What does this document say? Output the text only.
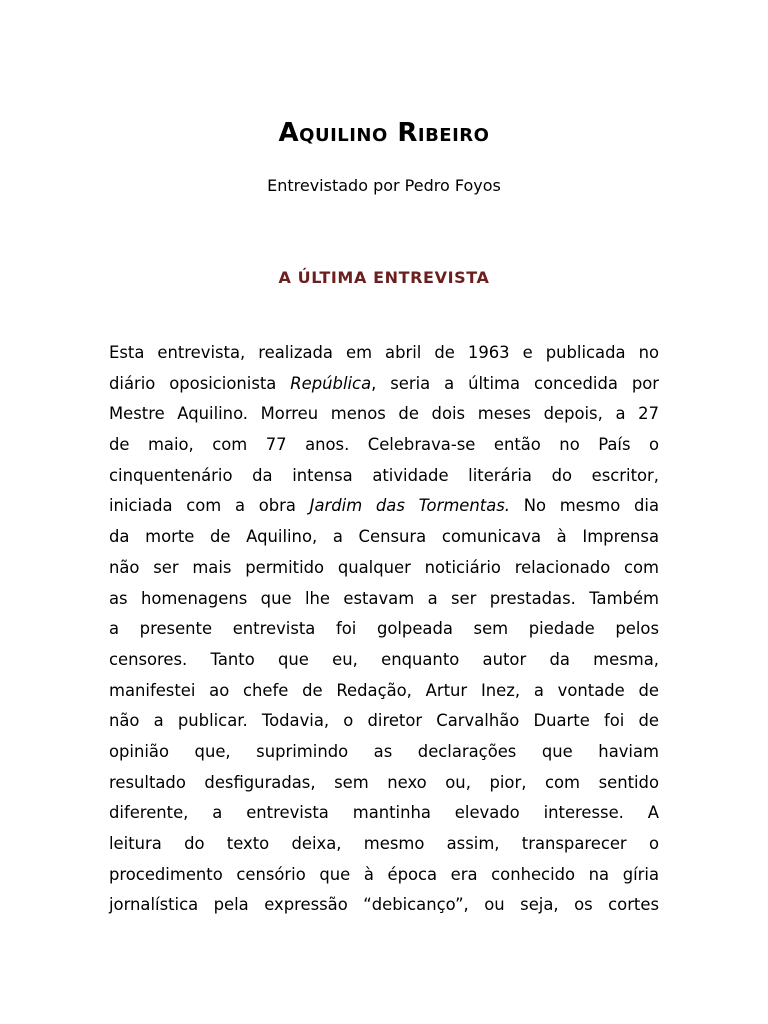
Aquilino Ribeiro

Entrevistado por Pedro Foyos

A ÚLTIMA ENTREVISTA
Esta entrevista, realizada em abril de 1963 e publicada no
diário oposicionista República, seria a última concedida por
Mestre Aquilino. Morreu menos de dois meses depois, a 27
de maio, com 77 anos. Celebrava-se então no País o
cinquentenário da intensa atividade literária do escritor,
iniciada com a obra Jardim das Tormentas. No mesmo dia
da morte de Aquilino, a Censura comunicava à Imprensa
não ser mais permitido qualquer noticiário relacionado com
as homenagens que lhe estavam a ser prestadas. Também
a presente entrevista foi golpeada sem piedade pelos
censores. Tanto que eu, enquanto autor da mesma,
manifestei ao chefe de Redação, Artur Inez, a vontade de
não a publicar. Todavia, o diretor Carvalhão Duarte foi de
opinião que, suprimindo as declarações que haviam
resultado desfiguradas, sem nexo ou, pior, com sentido
diferente, a entrevista mantinha elevado interesse. A
leitura do texto deixa, mesmo assim, transparecer o
procedimento censório que à época era conhecido na gíria
jornalística pela expressão “debicanço”, ou seja, os cortes
